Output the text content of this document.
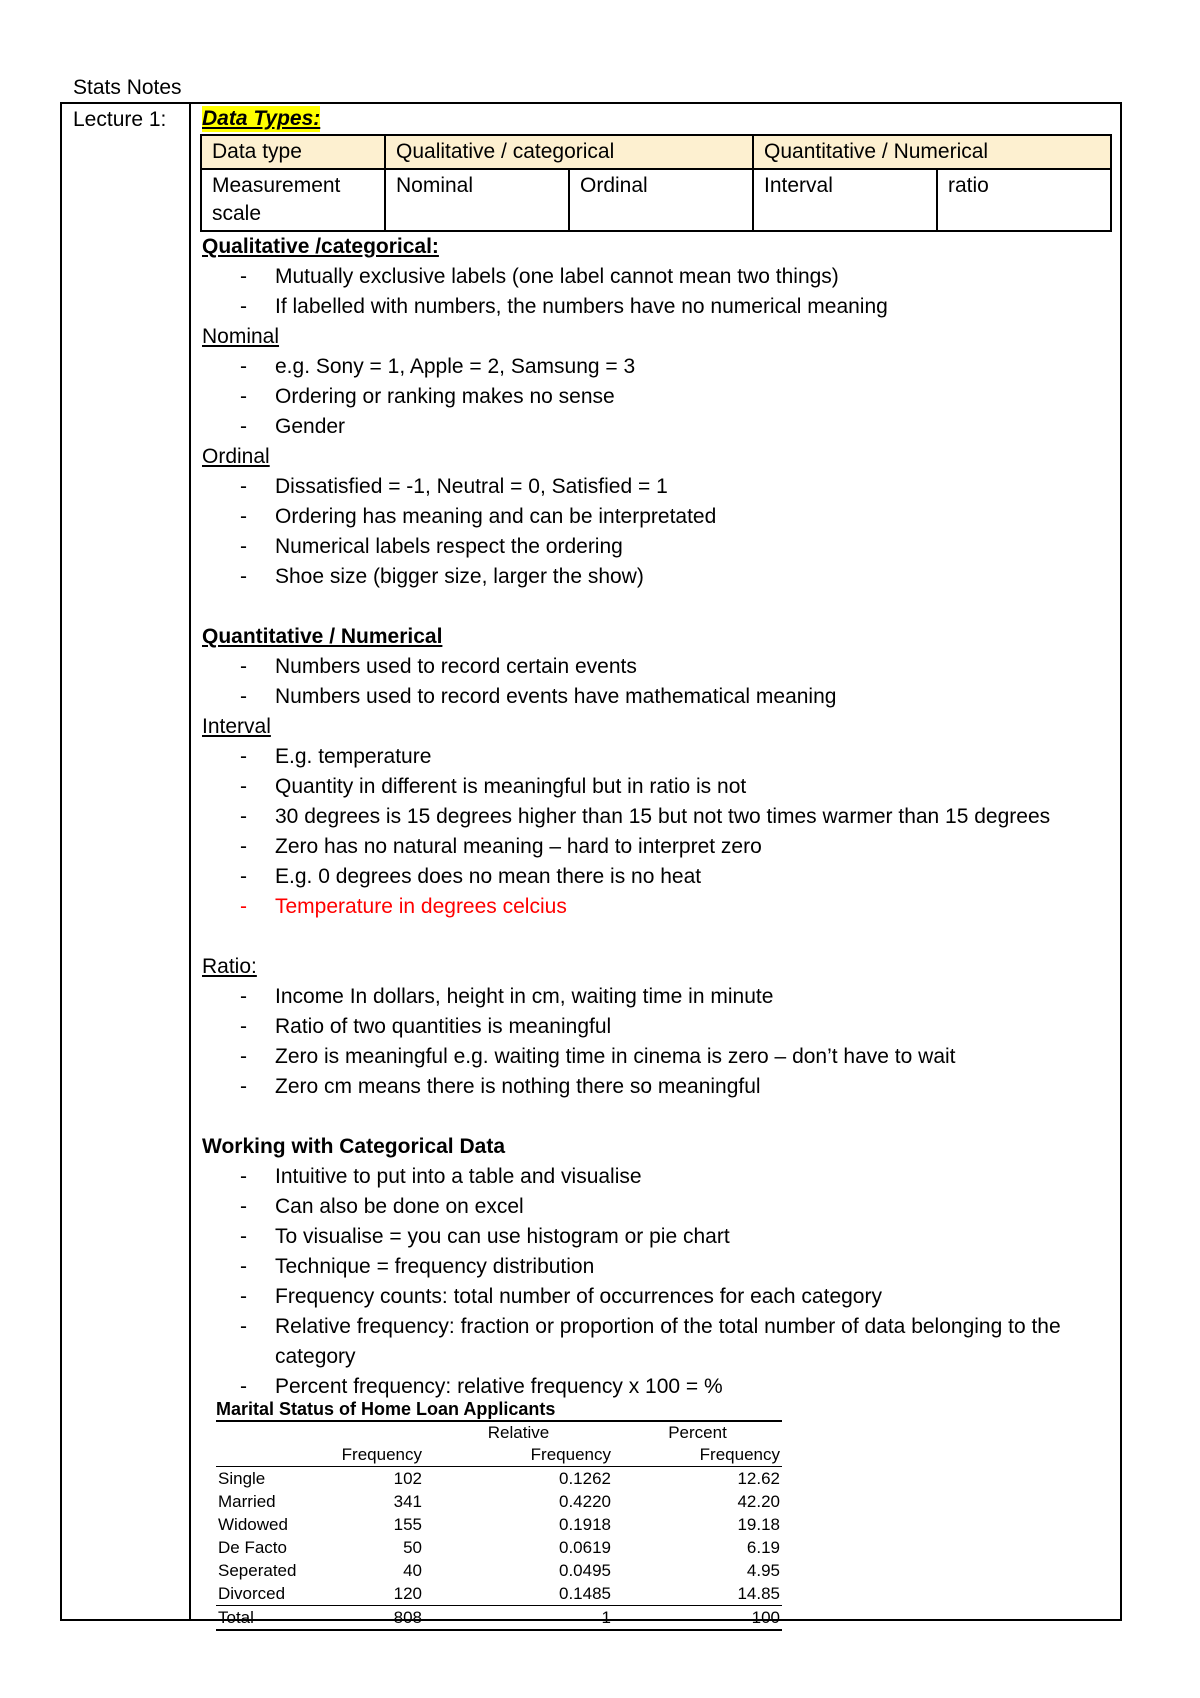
Stats Notes
Lecture 1: Data Types:
Data type	Qualitative / categorical		Quantitative / Numerical	
Measurement scale	Nominal	Ordinal	Interval	ratio
Qualitative /categorical:
- Mutually exclusive labels (one label cannot mean two things)
- If labelled with numbers, the numbers have no numerical meaning
Nominal
- e.g. Sony = 1, Apple = 2, Samsung = 3
- Ordering or ranking makes no sense
- Gender
Ordinal
- Dissatisfied = -1, Neutral = 0, Satisfied = 1
- Ordering has meaning and can be interpretated
- Numerical labels respect the ordering
- Shoe size (bigger size, larger the show)
Quantitative / Numerical
- Numbers used to record certain events
- Numbers used to record events have mathematical meaning
Interval
- E.g. temperature
- Quantity in different is meaningful but in ratio is not
- 30 degrees is 15 degrees higher than 15 but not two times warmer than 15 degrees
- Zero has no natural meaning – hard to interpret zero
- E.g. 0 degrees does no mean there is no heat
- Temperature in degrees celcius
Ratio:
- Income In dollars, height in cm, waiting time in minute
- Ratio of two quantities is meaningful
- Zero is meaningful e.g. waiting time in cinema is zero – don’t have to wait
- Zero cm means there is nothing there so meaningful
Working with Categorical Data
- Intuitive to put into a table and visualise
- Can also be done on excel
- To visualise = you can use histogram or pie chart
- Technique = frequency distribution
- Frequency counts: total number of occurrences for each category
- Relative frequency: fraction or proportion of the total number of data belonging to the category
- Percent frequency: relative frequency x 100 = %
Marital Status of Home Loan Applicants
		Relative	Percent
	Frequency	Frequency	Frequency
Single	102	0.1262	12.62
Married	341	0.4220	42.20
Widowed	155	0.1918	19.18
De Facto	50	0.0619	6.19
Seperated	40	0.0495	4.95
Divorced	120	0.1485	14.85
Total	808	1	100
